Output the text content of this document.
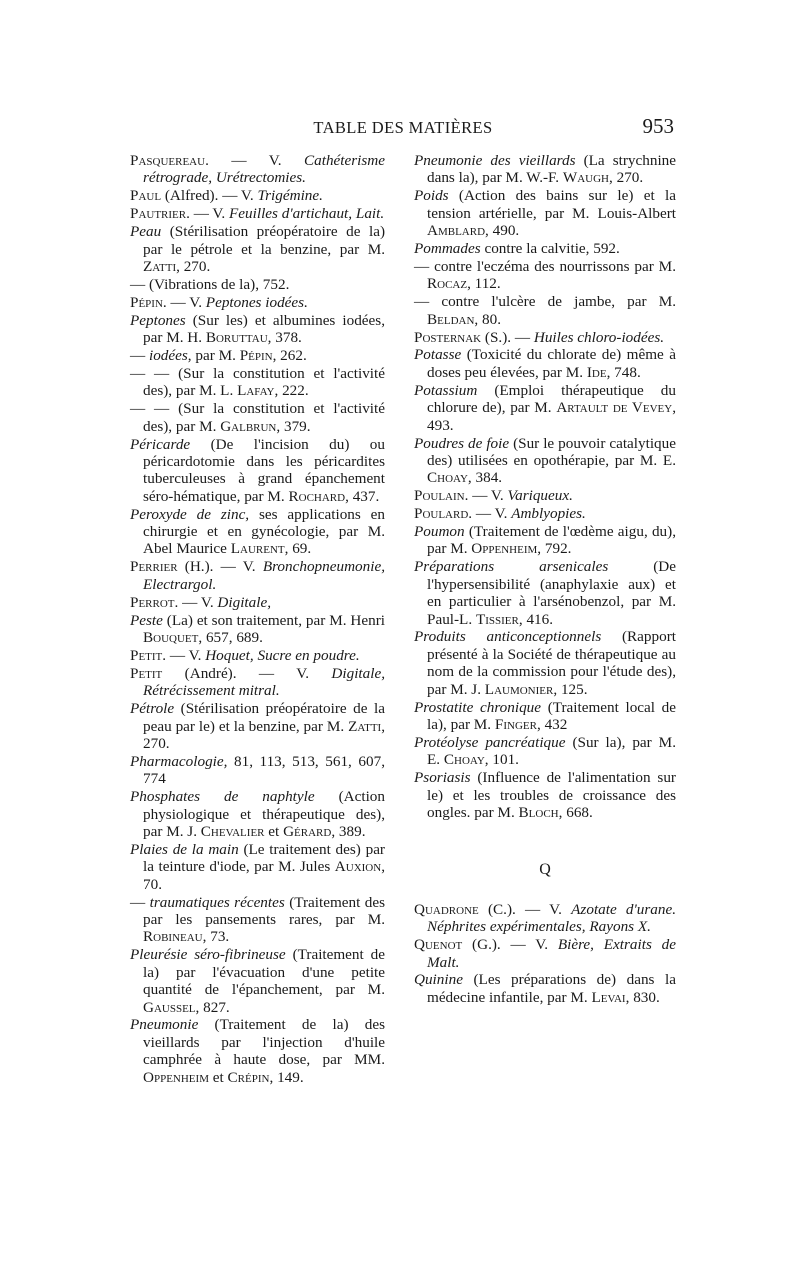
TABLE DES MATIÈRES	953
Pasquereau. — V. Cathéterisme rétrograde, Urétrectomies.
Paul (Alfred). — V. Trigémine.
Pautrier. — V. Feuilles d'artichaut, Lait.
Peau (Stérilisation préopératoire de la) par le pétrole et la benzine, par M. Zatti, 270.
— (Vibrations de la), 752.
Pépin. — V. Peptones iodées.
Peptones (Sur les) et albumines iodées, par M. H. Boruttau, 378.
— iodées, par M. Pépin, 262.
— — (Sur la constitution et l'activité des), par M. L. Lafay, 222.
— — (Sur la constitution et l'activité des), par M. Galbrun, 379.
Péricarde (De l'incision du) ou péricardotomie dans les péricardites tuberculeuses à grand épanchement séro-hématique, par M. Rochard, 437.
Peroxyde de zinc, ses applications en chirurgie et en gynécologie, par M. Abel Maurice Laurent, 69.
Perrier (H.). — V. Bronchopneumonie, Electrargol.
Perrot. — V. Digitale,
Peste (La) et son traitement, par M. Henri Bouquet, 657, 689.
Petit. — V. Hoquet, Sucre en poudre.
Petit (André). — V. Digitale, Rétrécissement mitral.
Pétrole (Stérilisation préopératoire de la peau par le) et la benzine, par M. Zatti, 270.
Pharmacologie, 81, 113, 513, 561, 607, 774
Phosphates de naphtyle (Action physiologique et thérapeutique des), par M. J. Chevalier et Gérard, 389.
Plaies de la main (Le traitement des) par la teinture d'iode, par M. Jules Auxion, 70.
— traumatiques récentes (Traitement des par les pansements rares, par M. Robineau, 73.
Pleurésie séro-fibrineuse (Traitement de la) par l'évacuation d'une petite quantité de l'épanchement, par M. Gaussel, 827.
Pneumonie (Traitement de la) des vieillards par l'injection d'huile camphrée à haute dose, par MM. Oppenheim et Crépin, 149.
Pneumonie des vieillards (La strychnine dans la), par M. W.-F. Waugh, 270.
Poids (Action des bains sur le) et la tension artérielle, par M. Louis-Albert Amblard, 490.
Pommades contre la calvitie, 592.
— contre l'eczéma des nourrissons par M. Rocaz, 112.
— contre l'ulcère de jambe, par M. Beldan, 80.
Posternak (S.). — Huiles chloro-iodées.
Potasse (Toxicité du chlorate de) même à doses peu élevées, par M. Ide, 748.
Potassium (Emploi thérapeutique du chlorure de), par M. Artault de Vevey, 493.
Poudres de foie (Sur le pouvoir catalytique des) utilisées en opothérapie, par M. E. Choay, 384.
Poulain. — V. Variqueux.
Poulard. — V. Amblyopies.
Poumon (Traitement de l'œdème aigu, du), par M. Oppenheim, 792.
Préparations arsenicales (De l'hypersensibilité (anaphylaxie aux) et en particulier à l'arsénobenzol, par M. Paul-L. Tissier, 416.
Produits anticonceptionnels (Rapport présenté à la Société de thérapeutique au nom de la commission pour l'étude des), par M. J. Laumonier, 125.
Prostatite chronique (Traitement local de la), par M. Finger, 432
Protéolyse pancréatique (Sur la), par M. E. Choay, 101.
Psoriasis (Influence de l'alimentation sur le) et les troubles de croissance des ongles. par M. Bloch, 668.
Q
Quadrone (C.). — V. Azotate d'urane. Néphrites expérimentales, Rayons X.
Quenot (G.). — V. Bière, Extraits de Malt.
Quinine (Les préparations de) dans la médecine infantile, par M. Levai, 830.
